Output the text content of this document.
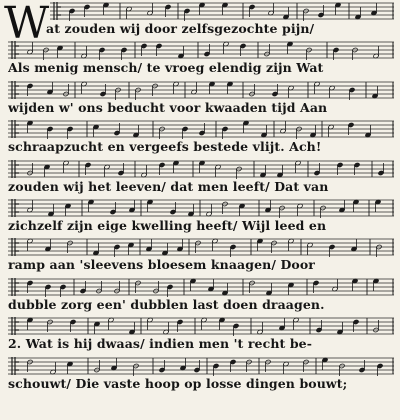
W
at zouden wij door zelfsgezochte pijn/
Als menig mensch/ te vroeg elendig zijn Wat
wijden w' ons beducht voor kwaaden tijd Aan
schraapzucht en vergeefs bestede vlijt. Ach!
zouden wij het leeven/ dat men leeft/ Dat van
zichzelf zijn eige kwelling heeft/ Wijl leed en
ramp aan 'sleevens bloesem knaagen/ Door
dubble zorg een' dubblen last doen draagen.
2. Wat is hij dwaas/ indien men 't recht be-
schouwt/ Die vaste hoop op losse dingen bouwt;
